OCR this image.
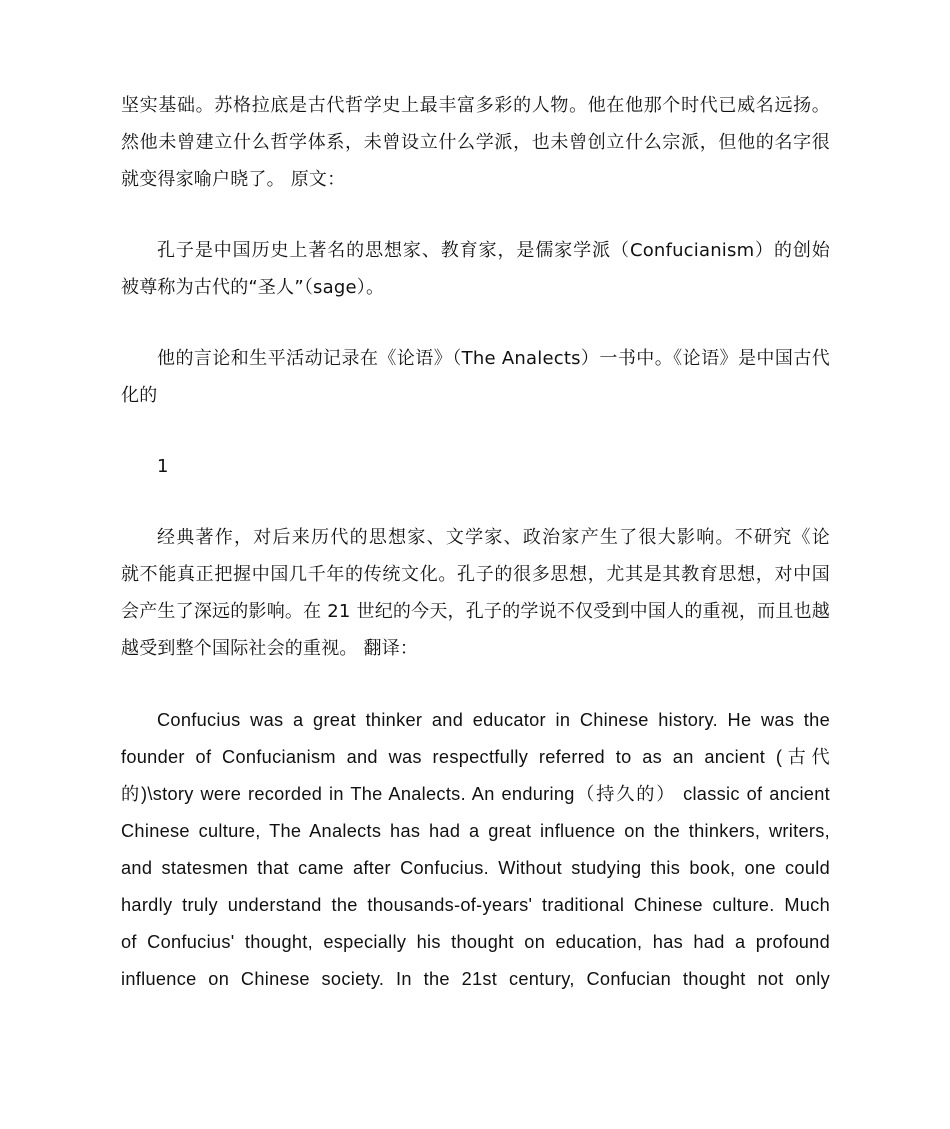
坚实基础。苏格拉底是古代哲学史上最丰富多彩的人物。他在他那个时代已威名远扬。
然他未曾建立什么哲学体系，未曾设立什么学派，也未曾创立什么宗派，但他的名字很
就变得家喻户晓了。 原文：
孔子是中国历史上著名的思想家、教育家，是儒家学派（Confucianism）的创始
被尊称为古代的“圣人”（sage）。
他的言论和生平活动记录在《论语》（The Analects）一书中。《论语》是中国古代
化的
1
经典著作，对后来历代的思想家、文学家、政治家产生了很大影响。不研究《论
就不能真正把握中国几千年的传统文化。孔子的很多思想，尤其是其教育思想，对中国
会产生了深远的影响。在 21 世纪的今天，孔子的学说不仅受到中国人的重视，而且也越
越受到整个国际社会的重视。 翻译：
Confucius was a great thinker and educator in Chinese history. He was the
founder of Confucianism and was respectfully referred to as an ancient (古代
的)\story were recorded in The Analects. An enduring（持久的） classic of ancient
Chinese culture, The Analects has had a great influence on the thinkers, writers,
and statesmen that came after Confucius. Without studying this book, one could
hardly truly understand the thousands-of-years' traditional Chinese culture. Much
of Confucius' thought, especially his thought on education, has had a profound
influence on Chinese society. In the 21st century, Confucian thought not only
